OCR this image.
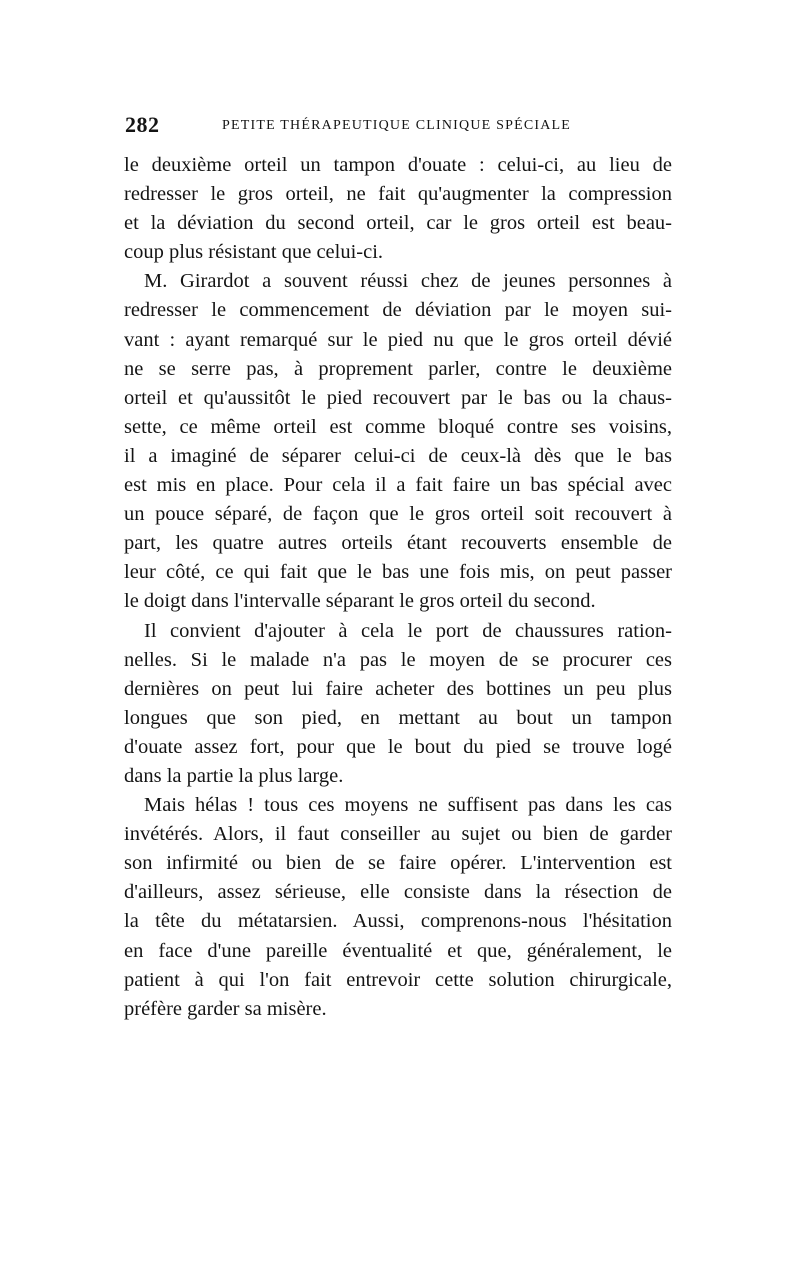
282	PETITE THÉRAPEUTIQUE CLINIQUE SPÉCIALE
le deuxième orteil un tampon d'ouate : celui-ci, au lieu de
redresser le gros orteil, ne fait qu'augmenter la compression
et la déviation du second orteil, car le gros orteil est beau-
coup plus résistant que celui-ci.
M. Girardot a souvent réussi chez de jeunes personnes à
redresser le commencement de déviation par le moyen sui-
vant : ayant remarqué sur le pied nu que le gros orteil dévié
ne se serre pas, à proprement parler, contre le deuxième
orteil et qu'aussitôt le pied recouvert par le bas ou la chaus-
sette, ce même orteil est comme bloqué contre ses voisins,
il a imaginé de séparer celui-ci de ceux-là dès que le bas
est mis en place. Pour cela il a fait faire un bas spécial avec
un pouce séparé, de façon que le gros orteil soit recouvert à
part, les quatre autres orteils étant recouverts ensemble de
leur côté, ce qui fait que le bas une fois mis, on peut passer
le doigt dans l'intervalle séparant le gros orteil du second.
Il convient d'ajouter à cela le port de chaussures ration-
nelles. Si le malade n'a pas le moyen de se procurer ces
dernières on peut lui faire acheter des bottines un peu plus
longues que son pied, en mettant au bout un tampon
d'ouate assez fort, pour que le bout du pied se trouve logé
dans la partie la plus large.
Mais hélas ! tous ces moyens ne suffisent pas dans les cas
invétérés. Alors, il faut conseiller au sujet ou bien de garder
son infirmité ou bien de se faire opérer. L'intervention est
d'ailleurs, assez sérieuse, elle consiste dans la résection de
la tête du métatarsien. Aussi, comprenons-nous l'hésitation
en face d'une pareille éventualité et que, généralement, le
patient à qui l'on fait entrevoir cette solution chirurgicale,
préfère garder sa misère.
